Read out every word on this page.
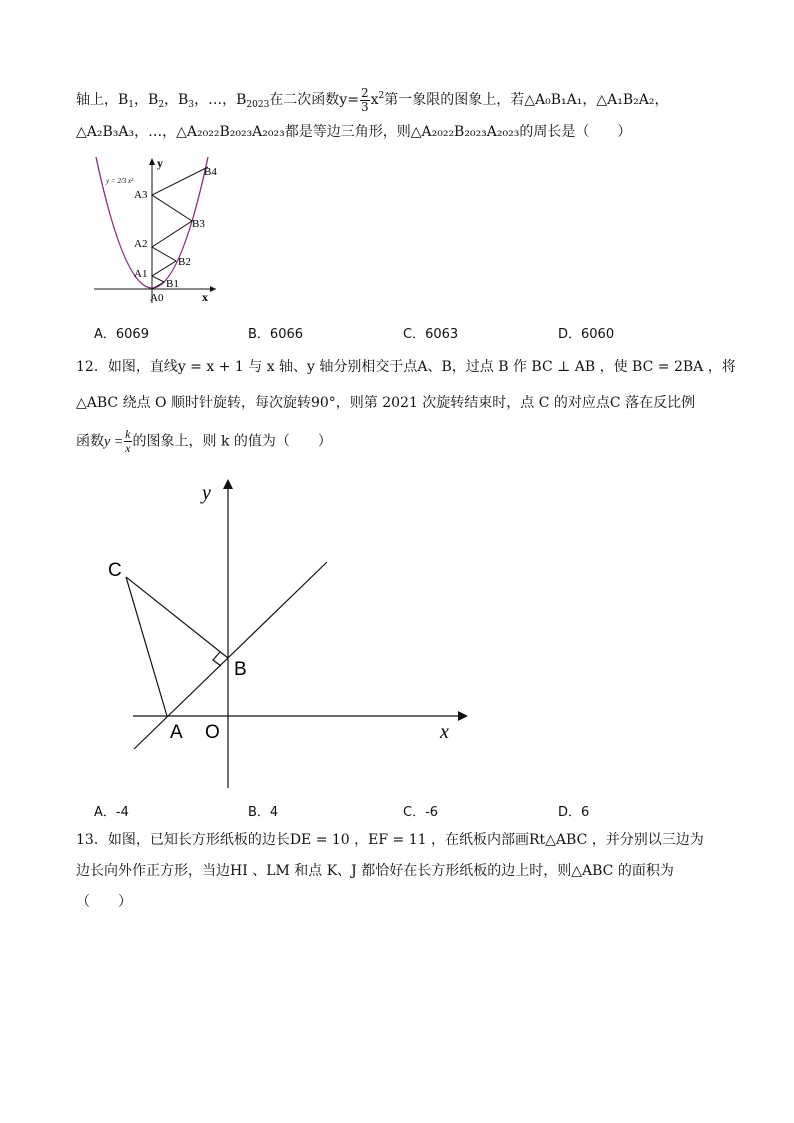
轴上，$B_1$，$B_2$，$B_3$，…，$B_{2023}$在二次函数$y= \frac{2}{3} x^2$第一象限的图象上，若△A₀B₁A₁，△A₁B₂A₂，
△A₂B₃A₃，…，△A₂₀₂₂B₂₀₂₃A₂₀₂₃都是等边三角形，则△A₂₀₂₂B₂₀₂₃A₂₀₂₃的周长是（　　）
y
x
y = 2/3 x²
A0
A1
A2
A3
B1
B2
B3
B4
A．6069	B．6066	C．6063	D．6060
12．如图，直线y = x + 1 与 x 轴、y 轴分别相交于点A、B，过点 B 作 BC ⊥ AB ，使 BC = 2BA ，将
△ABC 绕点 O 顺时针旋转，每次旋转90°，则第 2021 次旋转结束时，点 C 的对应点C 落在反比例
函数$y = \frac{k}{x}$ 的图象上，则 k 的值为（　　）
y
x
C
B
A O
A．-4	B．4	C．-6	D．6
13．如图，已知长方形纸板的边长DE = 10 ，EF = 11 ，在纸板内部画Rt△ABC ，并分别以三边为
边长向外作正方形，当边HI 、LM 和点 K、J 都恰好在长方形纸板的边上时，则△ABC 的面积为
（　　）
